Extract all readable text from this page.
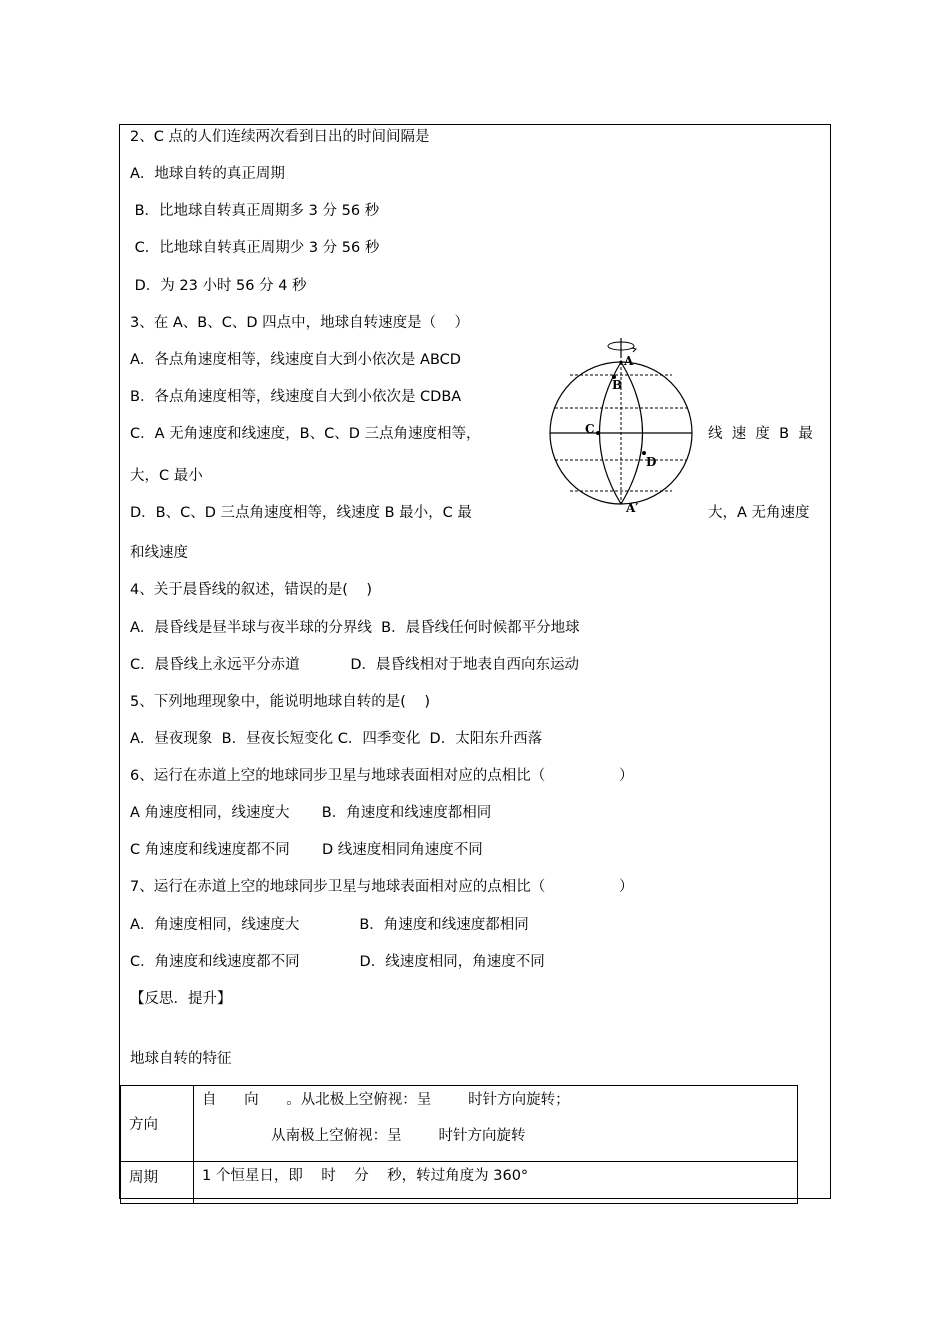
2、C 点的人们连续两次看到日出的时间间隔是
A．地球自转的真正周期
B．比地球自转真正周期多 3 分 56 秒
C．比地球自转真正周期少 3 分 56 秒
D．为 23 小时 56 分 4 秒
3、在 A、B、C、D 四点中，地球自转速度是（    ）
A．各点角速度相等，线速度自大到小依次是 ABCD
B．各点角速度相等，线速度自大到小依次是 CDBA
C．A 无角速度和线速度，B、C、D 三点角速度相等，	线  速  度  B  最
大，C 最小
D．B、C、D 三点角速度相等，线速度 B 最小，C 最	大，A 无角速度
和线速度
A
B
C
D
A′
4、关于晨昏线的叙述，错误的是(    )
A．晨昏线是昼半球与夜半球的分界线  B．晨昏线任何时候都平分地球
C．晨昏线上永远平分赤道           D．晨昏线相对于地表自西向东运动
5、下列地理现象中，能说明地球自转的是(    )
A．昼夜现象  B．昼夜长短变化 C．四季变化  D．太阳东升西落
6、运行在赤道上空的地球同步卫星与地球表面相对应的点相比（                ）
A 角速度相同，线速度大       B．角速度和线速度都相同
C 角速度和线速度都不同       D 线速度相同角速度不同
7、运行在赤道上空的地球同步卫星与地球表面相对应的点相比（                ）
A．角速度相同，线速度大             B．角速度和线速度都相同
C．角速度和线速度都不同             D．线速度相同，角速度不同
【反思．提升】
地球自转的特征
方向	自      向      。从北极上空俯视：呈        时针方向旋转；
从南极上空俯视：呈        时针方向旋转

周期	1 个恒星日，即    时    分    秒，转过角度为 360°
